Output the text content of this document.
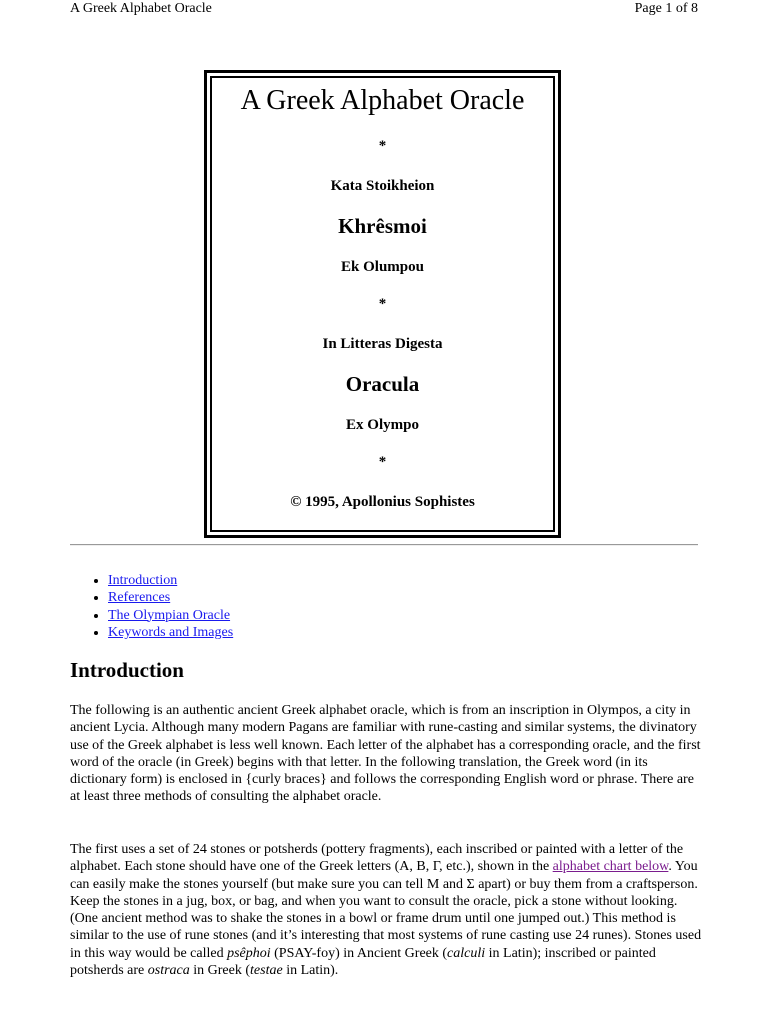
A Greek Alphabet Oracle	Page 1 of 8
A Greek Alphabet Oracle
*
Kata Stoikheion
Khrêsmoi
Ek Olumpou
*
In Litteras Digesta
Oracula
Ex Olympo
*
© 1995, Apollonius Sophistes
• Introduction
• References
• The Olympian Oracle
• Keywords and Images
Introduction

The following is an authentic ancient Greek alphabet oracle, which is from an inscription in Olympos, a city in ancient Lycia. Although many modern Pagans are familiar with rune-casting and similar systems, the divinatory use of the Greek alphabet is less well known. Each letter of the alphabet has a corresponding oracle, and the first word of the oracle (in Greek) begins with that letter. In the following translation, the Greek word (in its dictionary form) is enclosed in {curly braces} and follows the corresponding English word or phrase. There are at least three methods of consulting the alphabet oracle.

The first uses a set of 24 stones or potsherds (pottery fragments), each inscribed or painted with a letter of the alphabet. Each stone should have one of the Greek letters (Α, Β, Γ, etc.), shown in the alphabet chart below. You can easily make the stones yourself (but make sure you can tell Μ and Σ apart) or buy them from a craftsperson. Keep the stones in a jug, box, or bag, and when you want to consult the oracle, pick a stone without looking. (One ancient method was to shake the stones in a bowl or frame drum until one jumped out.) This method is similar to the use of rune stones (and it’s interesting that most systems of rune casting use 24 runes). Stones used in this way would be called psêphoi (PSAY-foy) in Ancient Greek (calculi in Latin); inscribed or painted potsherds are ostraca in Greek (testae in Latin).
